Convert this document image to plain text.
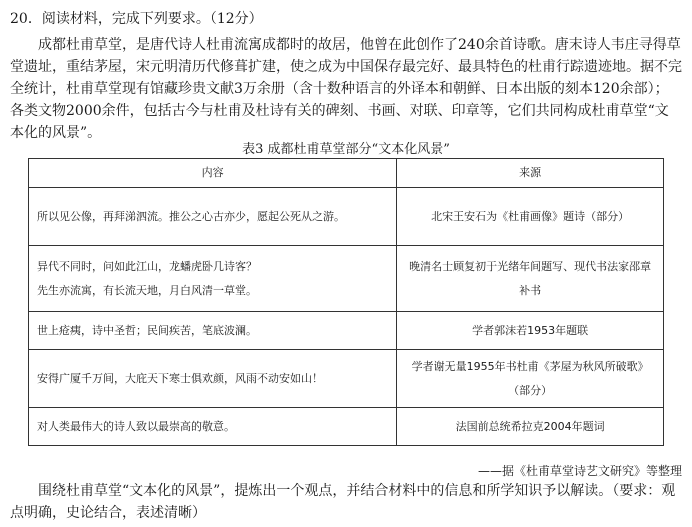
20．阅读材料，完成下列要求。（12分）
　　成都杜甫草堂，是唐代诗人杜甫流寓成都时的故居，他曾在此创作了240余首诗歌。唐末诗人韦庄寻得草堂遗址，重结茅屋，宋元明清历代修葺扩建，使之成为中国保存最完好、最具特色的杜甫行踪遗迹地。据不完全统计，杜甫草堂现有馆藏珍贵文献3万余册（含十数种语言的外译本和朝鲜、日本出版的刻本120余部）；各类文物2000余件，包括古今与杜甫及杜诗有关的碑刻、书画、对联、印章等，它们共同构成杜甫草堂“文本化的风景”。
表3 成都杜甫草堂部分“文本化风景”
内容	来源

所以见公像，再拜涕泗流。推公之心古亦少，愿起公死从之游。	北宋王安石为《杜甫画像》题诗（部分）

异代不同时，问如此江山，龙蟠虎卧几诗客？
先生亦流寓，有长流天地，月白风清一草堂。	晚清名士顾复初于光绪年间题写、现代书法家邵章补书

世上疮痍，诗中圣哲；民间疾苦，笔底波澜。	学者郭沫若1953年题联

安得广厦千万间，大庇天下寒士俱欢颜，风雨不动安如山！	学者谢无量1955年书杜甫《茅屋为秋风所破歌》（部分）

对人类最伟大的诗人致以最崇高的敬意。	法国前总统希拉克2004年题词
——据《杜甫草堂诗艺文研究》等整理
围绕杜甫草堂“文本化的风景”，提炼出一个观点，并结合材料中的信息和所学知识予以解读。（要求：观点明确，史论结合，表述清晰）
